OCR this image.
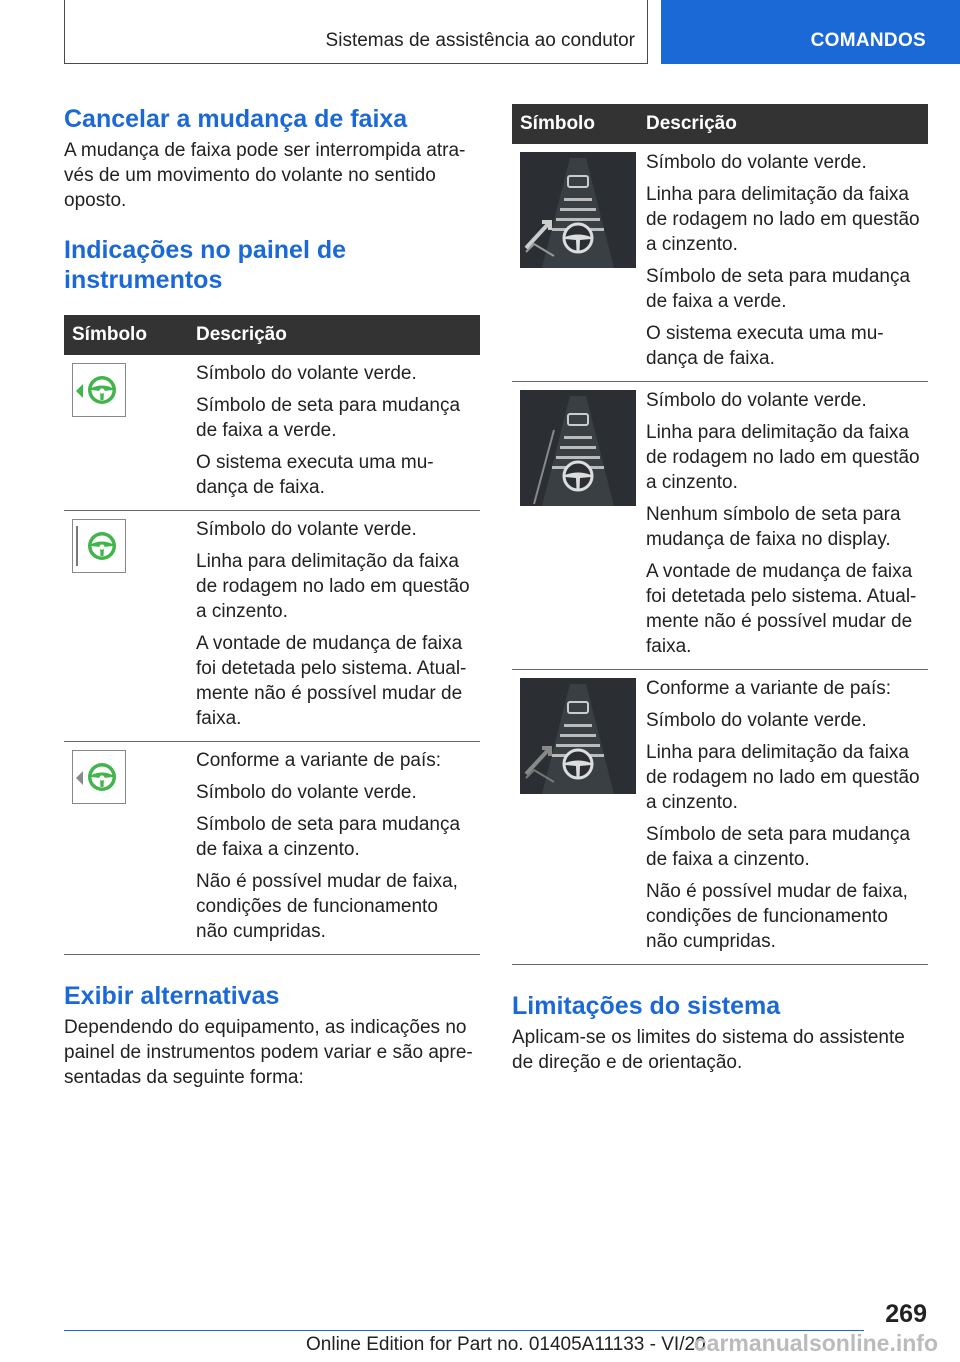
Sistemas de assistência ao condutor	COMANDOS
Cancelar a mudança de faixa

A mudança de faixa pode ser interrompida atra-vés de um movimento do volante no sentido oposto.

Indicações no painel de instrumentos
Símbolo	Descrição

Símbolo do volante verde.
Símbolo de seta para mudança de faixa a verde.
O sistema executa uma mu-dança de faixa.

Símbolo do volante verde.
Linha para delimitação da faixa de rodagem no lado em questão a cinzento.
A vontade de mudança de faixa foi detetada pelo sistema. Atual-mente não é possível mudar de faixa.

Conforme a variante de país:
Símbolo do volante verde.
Símbolo de seta para mudança de faixa a cinzento.
Não é possível mudar de faixa, condições de funcionamento não cumpridas.
Exibir alternativas

Dependendo do equipamento, as indicações no painel de instrumentos podem variar e são apre-sentadas da seguinte forma:

Símbolo	Descrição

Símbolo do volante verde.
Linha para delimitação da faixa de rodagem no lado em questão a cinzento.
Símbolo de seta para mudança de faixa a verde.
O sistema executa uma mu-dança de faixa.

Símbolo do volante verde.
Linha para delimitação da faixa de rodagem no lado em questão a cinzento.
Nenhum símbolo de seta para mudança de faixa no display.
A vontade de mudança de faixa foi detetada pelo sistema. Atual-mente não é possível mudar de faixa.

Conforme a variante de país:
Símbolo do volante verde.
Linha para delimitação da faixa de rodagem no lado em questão a cinzento.
Símbolo de seta para mudança de faixa a cinzento.
Não é possível mudar de faixa, condições de funcionamento não cumpridas.
Limitações do sistema

Aplicam-se os limites do sistema do assistente de direção e de orientação.

269
Online Edition for Part no. 01405A11133 - VI/20
carmanualsonline.info
